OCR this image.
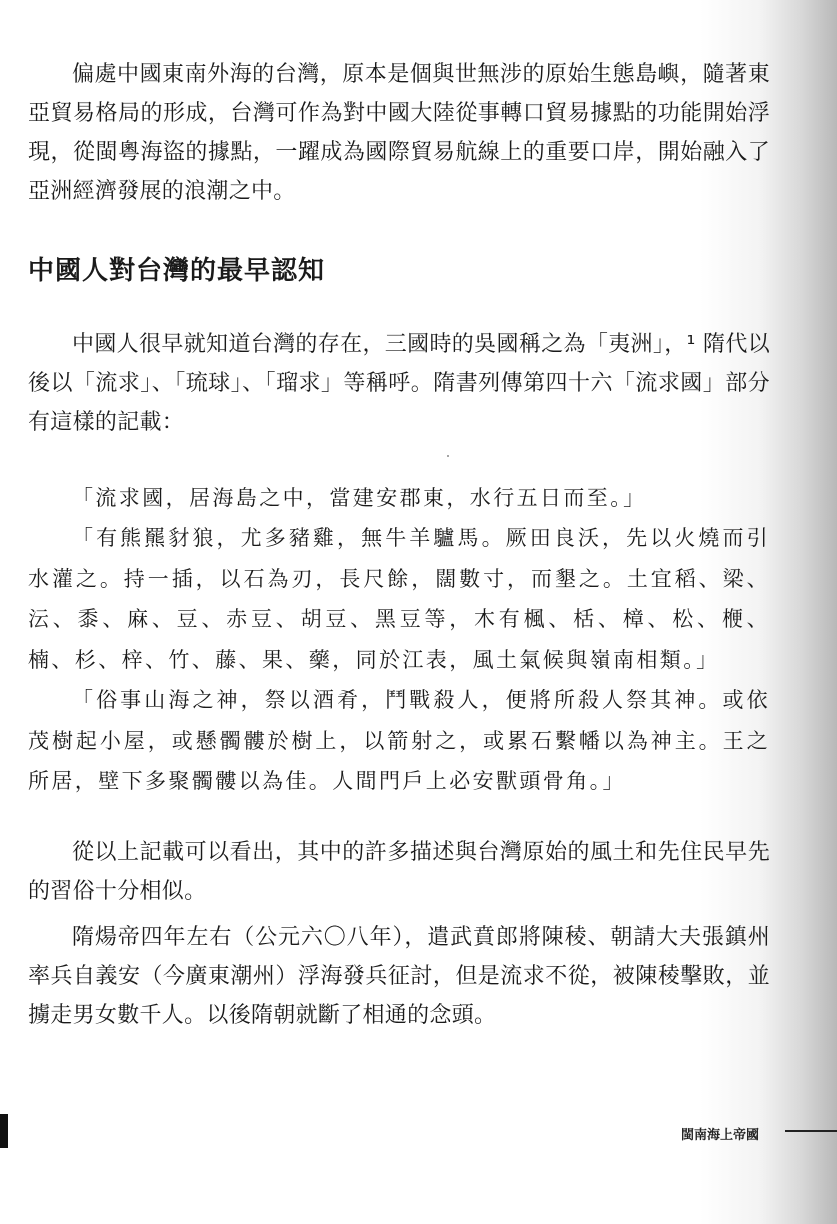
偏處中國東南外海的台灣，原本是個與世無涉的原始生態島嶼，隨著東亞貿易格局的形成，台灣可作為對中國大陸從事轉口貿易據點的功能開始浮現，從閩粵海盜的據點，一躍成為國際貿易航線上的重要口岸，開始融入了亞洲經濟發展的浪潮之中。

中國人對台灣的最早認知

中國人很早就知道台灣的存在，三國時的吳國稱之為「夷洲」，¹ 隋代以後以「流求」、「琉球」、「瑠求」等稱呼。隋書列傳第四十六「流求國」部分有這樣的記載：

「流求國，居海島之中，當建安郡東，水行五日而至。」

「有熊羆豺狼，尤多豬雞，無牛羊驢馬。厥田良沃，先以火燒而引水灌之。持一插，以石為刃，長尺餘，闊數寸，而墾之。土宜稻、梁、沄、黍、麻、豆、赤豆、胡豆、黑豆等，木有楓、栝、樟、松、楩、楠、杉、梓、竹、藤、果、藥，同於江表，風土氣候與嶺南相類。」

「俗事山海之神，祭以酒肴，鬥戰殺人，便將所殺人祭其神。或依茂樹起小屋，或懸髑髏於樹上，以箭射之，或累石繫幡以為神主。王之所居，壁下多聚髑髏以為佳。人間門戶上必安獸頭骨角。」

從以上記載可以看出，其中的許多描述與台灣原始的風土和先住民早先的習俗十分相似。

隋煬帝四年左右（公元六〇八年），遣武賁郎將陳稜、朝請大夫張鎮州率兵自義安（今廣東潮州）浮海發兵征討，但是流求不從，被陳稜擊敗，並擄走男女數千人。以後隋朝就斷了相通的念頭。

閩南海上帝國
